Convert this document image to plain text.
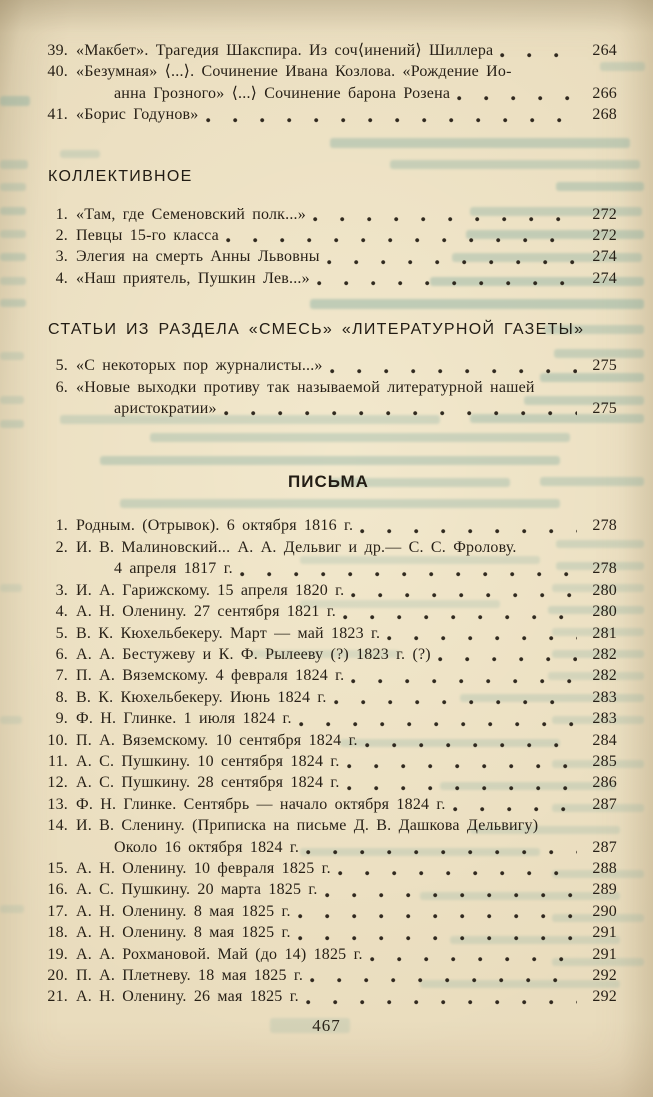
39. «Макбет». Трагедия Шакспира. Из соч⟨инений⟩ Шиллера	264
40. «Безумная» ⟨...⟩. Сочинение Ивана Козлова. «Рождение Ио-
анна Грозного» ⟨...⟩ Сочинение барона Розена	266
41. «Борис Годунов»	268
КОЛЛЕКТИВНОЕ
1. «Там, где Семеновский полк...»	272
2. Певцы 15-го класса	272
3. Элегия на смерть Анны Львовны	274
4. «Наш приятель, Пушкин Лев...»	274
СТАТЬИ ИЗ РАЗДЕЛА «СМЕСЬ» «ЛИТЕРАТУРНОЙ ГАЗЕТЫ»
5. «С некоторых пор журналисты...»	275
6. «Новые выходки противу так называемой литературной нашей
аристократии»	275
ПИСЬМА
1. Родным. (Отрывок). 6 октября 1816 г.	278
2. И. В. Малиновский... А. А. Дельвиг и др.— С. С. Фролову.
4 апреля 1817 г.	278
3. И. А. Гарижскому. 15 апреля 1820 г.	280
4. А. Н. Оленину. 27 сентября 1821 г.	280
5. В. К. Кюхельбекеру. Март — май 1823 г.	281
6. А. А. Бестужеву и К. Ф. Рылееву (?) 1823 г. (?)	282
7. П. А. Вяземскому. 4 февраля 1824 г.	282
8. В. К. Кюхельбекеру. Июнь 1824 г.	283
9. Ф. Н. Глинке. 1 июля 1824 г.	283
10. П. А. Вяземскому. 10 сентября 1824 г.	284
11. А. С. Пушкину. 10 сентября 1824 г.	285
12. А. С. Пушкину. 28 сентября 1824 г.	286
13. Ф. Н. Глинке. Сентябрь — начало октября 1824 г.	287
14. И. В. Сленину. (Приписка на письме Д. В. Дашкова Дельвигу)
Около 16 октября 1824 г.	287
15. А. Н. Оленину. 10 февраля 1825 г.	288
16. А. С. Пушкину. 20 марта 1825 г.	289
17. А. Н. Оленину. 8 мая 1825 г.	290
18. А. Н. Оленину. 8 мая 1825 г.	291
19. А. А. Рохмановой. Май (до 14) 1825 г.	291
20. П. А. Плетневу. 18 мая 1825 г.	292
21. А. Н. Оленину. 26 мая 1825 г.	292
467
